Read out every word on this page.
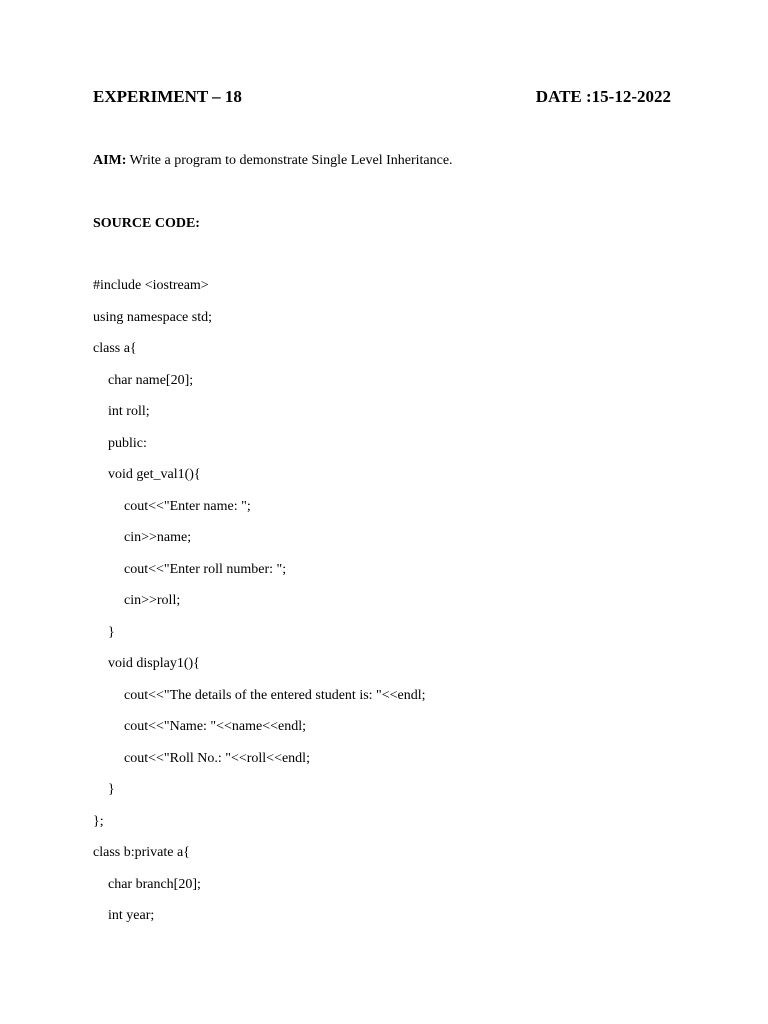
EXPERIMENT – 18	DATE :15-12-2022
AIM: Write a program to demonstrate Single Level Inheritance.
SOURCE CODE:
#include <iostream>
using namespace std;
class a{
char name[20];
int roll;
public:
void get_val1(){
cout<<"Enter name: ";
cin>>name;
cout<<"Enter roll number: ";
cin>>roll;
}
void display1(){
cout<<"The details of the entered student is: "<<endl;
cout<<"Name: "<<name<<endl;
cout<<"Roll No.: "<<roll<<endl;
}
};
class b:private a{
char branch[20];
int year;
